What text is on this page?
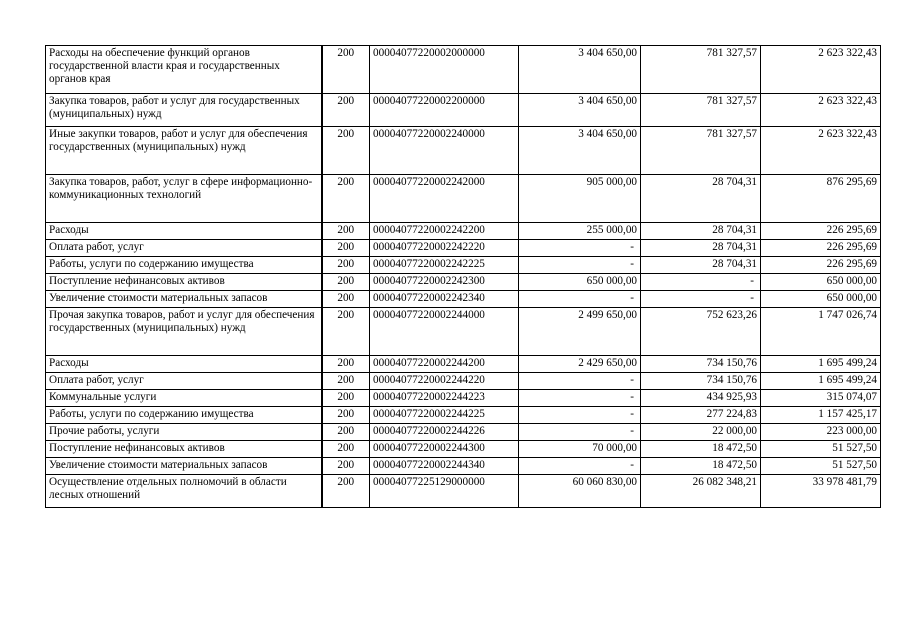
Расходы на обеспечение функций органов государственной власти края и государственных органов края	200	00004077220002000000	3 404 650,00	781 327,57	2 623 322,43
Закупка товаров, работ и услуг для государственных (муниципальных) нужд	200	00004077220002200000	3 404 650,00	781 327,57	2 623 322,43
Иные закупки товаров, работ и услуг для обеспечения государственных (муниципальных) нужд	200	00004077220002240000	3 404 650,00	781 327,57	2 623 322,43
Закупка товаров, работ, услуг в сфере информационно-коммуникационных технологий	200	00004077220002242000	905 000,00	28 704,31	876 295,69
Расходы	200	00004077220002242200	255 000,00	28 704,31	226 295,69
Оплата работ, услуг	200	00004077220002242220	-	28 704,31	226 295,69
Работы, услуги по содержанию имущества	200	00004077220002242225	-	28 704,31	226 295,69
Поступление нефинансовых активов	200	00004077220002242300	650 000,00	-	650 000,00
Увеличение стоимости материальных запасов	200	00004077220002242340	-	-	650 000,00
Прочая закупка товаров, работ и услуг для обеспечения государственных (муниципальных) нужд	200	00004077220002244000	2 499 650,00	752 623,26	1 747 026,74
Расходы	200	00004077220002244200	2 429 650,00	734 150,76	1 695 499,24
Оплата работ, услуг	200	00004077220002244220	-	734 150,76	1 695 499,24
Коммунальные услуги	200	00004077220002244223	-	434 925,93	315 074,07
Работы, услуги по содержанию имущества	200	00004077220002244225	-	277 224,83	1 157 425,17
Прочие работы, услуги	200	00004077220002244226	-	22 000,00	223 000,00
Поступление нефинансовых активов	200	00004077220002244300	70 000,00	18 472,50	51 527,50
Увеличение стоимости материальных запасов	200	00004077220002244340	-	18 472,50	51 527,50
Осуществление отдельных полномочий в области лесных отношений	200	00004077225129000000	60 060 830,00	26 082 348,21	33 978 481,79
